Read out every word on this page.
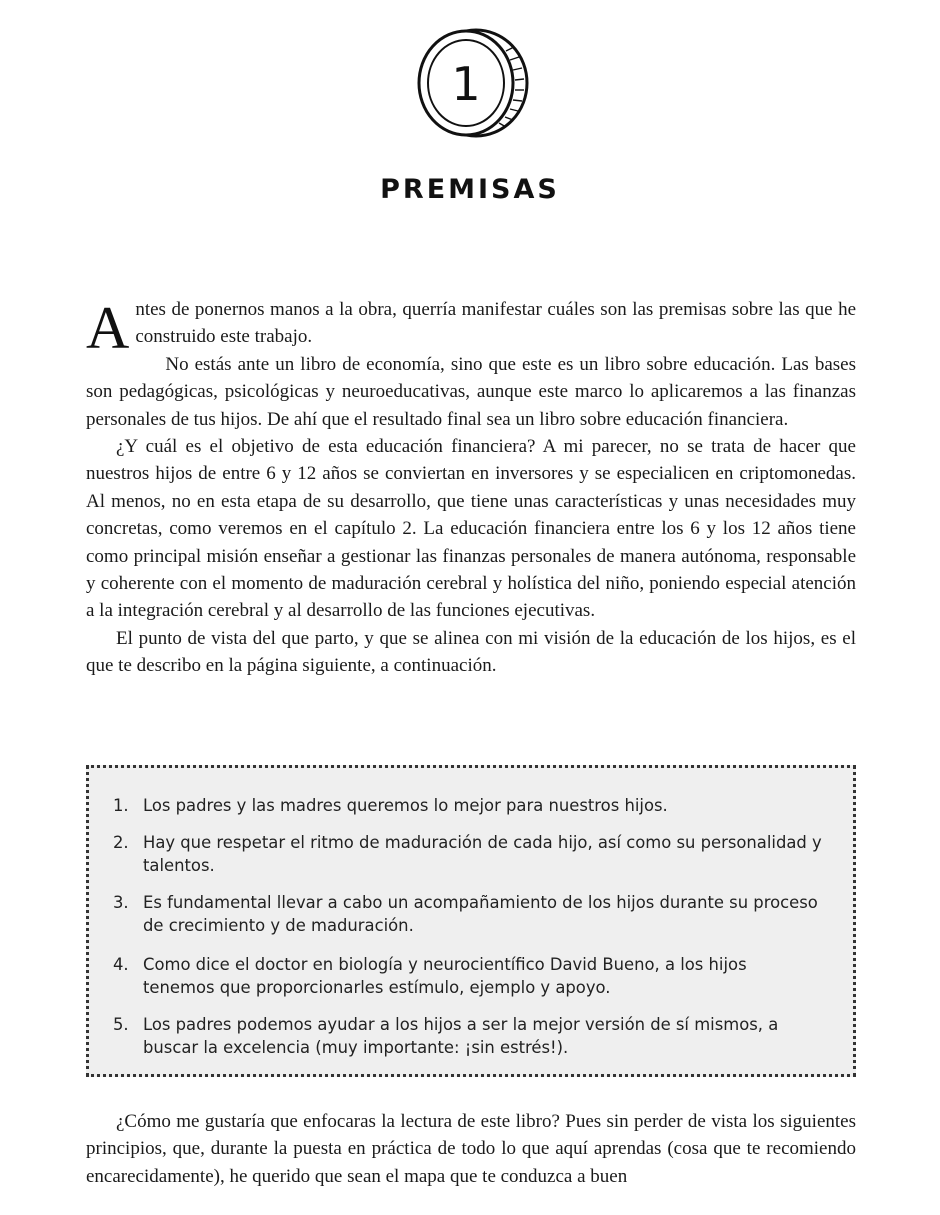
1
PREMISAS

Antes de ponernos manos a la obra, querría manifestar cuáles son las premisas sobre las que he construido este trabajo.

No estás ante un libro de economía, sino que este es un libro sobre educación. Las bases son pedagógicas, psicológicas y neuroeducativas, aunque este marco lo aplicaremos a las finanzas personales de tus hijos. De ahí que el resultado final sea un libro sobre educación financiera.

¿Y cuál es el objetivo de esta educación financiera? A mi parecer, no se trata de hacer que nuestros hijos de entre 6 y 12 años se conviertan en inversores y se especialicen en criptomonedas. Al menos, no en esta etapa de su desarrollo, que tiene unas características y unas necesidades muy concretas, como veremos en el capítulo 2. La educación financiera entre los 6 y los 12 años tiene como principal misión enseñar a gestionar las finanzas personales de manera autónoma, responsable y coherente con el momento de maduración cerebral y holística del niño, poniendo especial atención a la integración cerebral y al desarrollo de las funciones ejecutivas.

El punto de vista del que parto, y que se alinea con mi visión de la educación de los hijos, es el que te describo en la página siguiente, a continuación.

1. Los padres y las madres queremos lo mejor para nuestros hijos.
2. Hay que respetar el ritmo de maduración de cada hijo, así como su personalidad y talentos.
3. Es fundamental llevar a cabo un acompañamiento de los hijos durante su proceso de crecimiento y de maduración.
4. Como dice el doctor en biología y neurocientífico David Bueno, a los hijos tenemos que proporcionarles estímulo, ejemplo y apoyo.
5. Los padres podemos ayudar a los hijos a ser la mejor versión de sí mismos, a buscar la excelencia (muy importante: ¡sin estrés!).

¿Cómo me gustaría que enfocaras la lectura de este libro? Pues sin perder de vista los siguientes principios, que, durante la puesta en práctica de todo lo que aquí aprendas (cosa que te recomiendo encarecidamente), he querido que sean el mapa que te conduzca a buen
